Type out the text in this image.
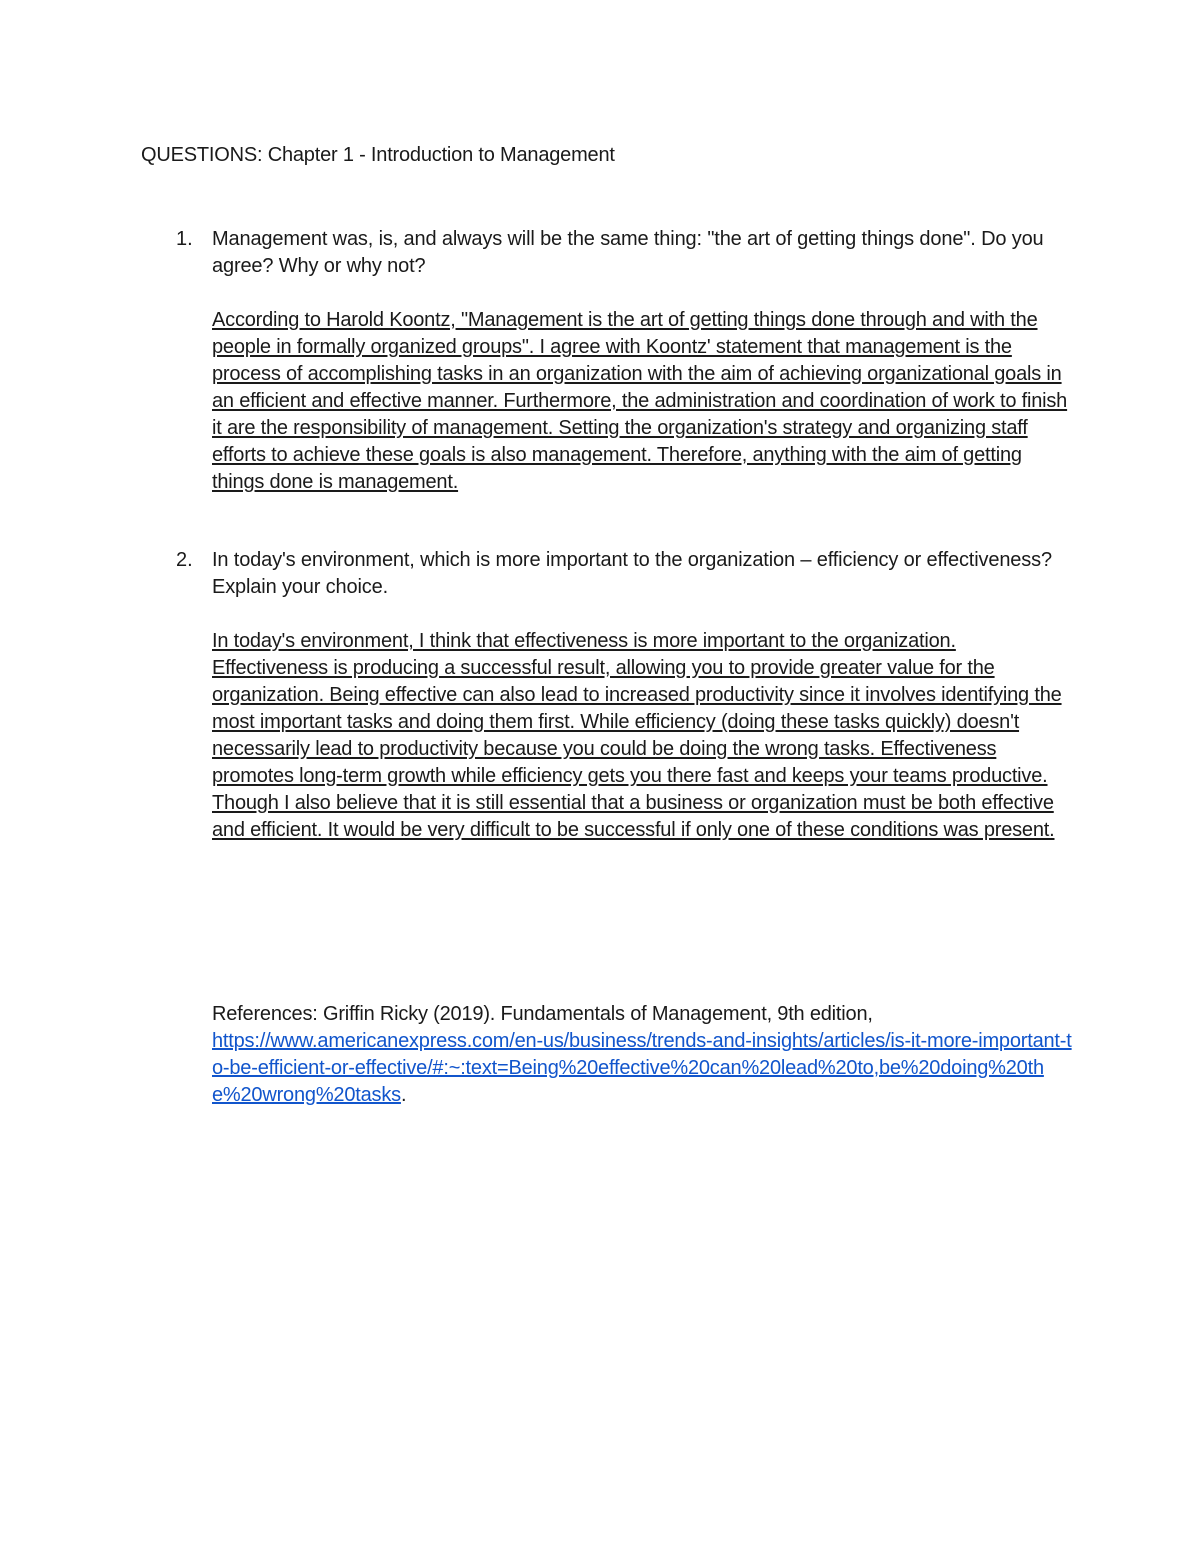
QUESTIONS: Chapter 1 - Introduction to Management
1. Management was, is, and always will be the same thing: "the art of getting things done". Do you agree? Why or why not?
According to Harold Koontz, "Management is the art of getting things done through and with the people in formally organized groups". I agree with Koontz' statement that management is the process of accomplishing tasks in an organization with the aim of achieving organizational goals in an efficient and effective manner. Furthermore, the administration and coordination of work to finish it are the responsibility of management. Setting the organization's strategy and organizing staff efforts to achieve these goals is also management. Therefore, anything with the aim of getting things done is management.
2. In today's environment, which is more important to the organization – efficiency or effectiveness? Explain your choice.
In today's environment, I think that effectiveness is more important to the organization. Effectiveness is producing a successful result, allowing you to provide greater value for the organization. Being effective can also lead to increased productivity since it involves identifying the most important tasks and doing them first. While efficiency (doing these tasks quickly) doesn't necessarily lead to productivity because you could be doing the wrong tasks. Effectiveness promotes long-term growth while efficiency gets you there fast and keeps your teams productive. Though I also believe that it is still essential that a business or organization must be both effective and efficient. It would be very difficult to be successful if only one of these conditions was present.
References: Griffin Ricky (2019). Fundamentals of Management, 9th edition,
https://www.americanexpress.com/en-us/business/trends-and-insights/articles/is-it-more-important-to-be-efficient-or-effective/#:~:text=Being%20effective%20can%20lead%20to,be%20doing%20the%20wrong%20tasks.
